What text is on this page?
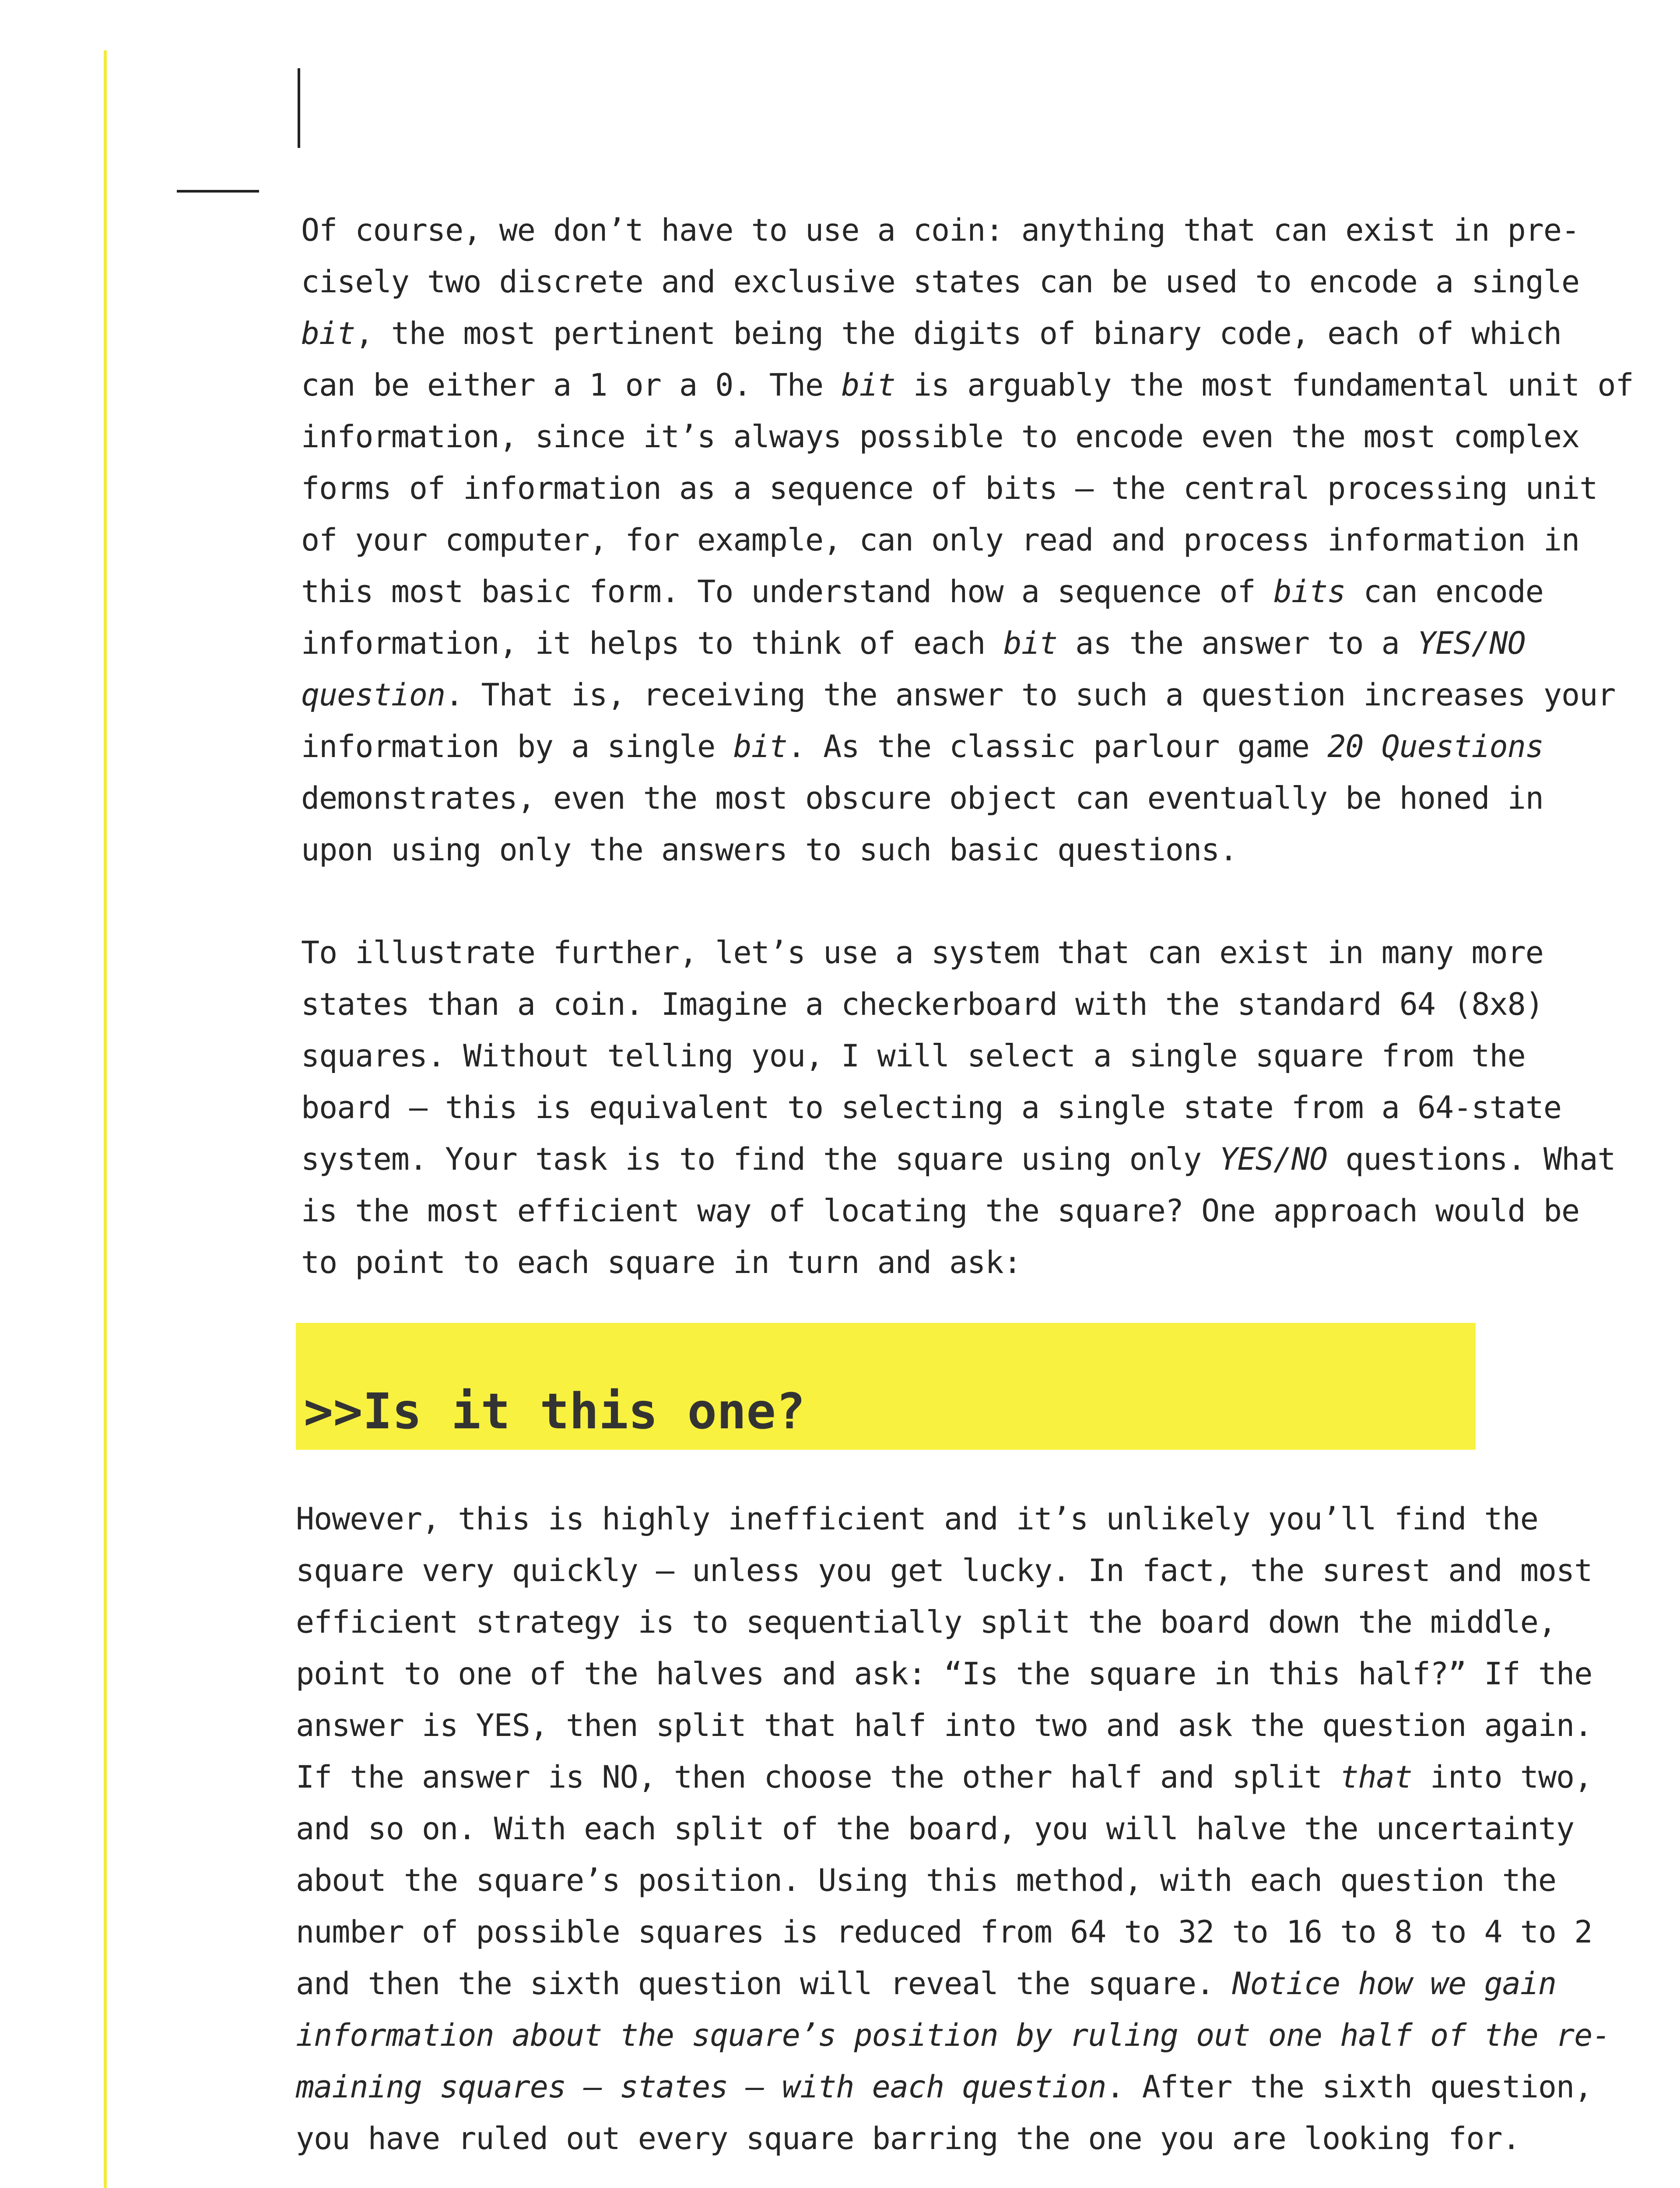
Of course, we don’t have to use a coin: anything that can exist in pre-
cisely two discrete and exclusive states can be used to encode a single
bit, the most pertinent being the digits of binary code, each of which
can be either a 1 or a 0. The bit is arguably the most fundamental unit of
information, since it’s always possible to encode even the most complex
forms of information as a sequence of bits – the central processing unit
of your computer, for example, can only read and process information in
this most basic form. To understand how a sequence of bits can encode
information, it helps to think of each bit as the answer to a YES/NO
question. That is, receiving the answer to such a question increases your
information by a single bit. As the classic parlour game 20 Questions
demonstrates, even the most obscure object can eventually be honed in
upon using only the answers to such basic questions.
To illustrate further, let’s use a system that can exist in many more
states than a coin. Imagine a checkerboard with the standard 64 (8x8)
squares. Without telling you, I will select a single square from the
board – this is equivalent to selecting a single state from a 64-state
system. Your task is to find the square using only YES/NO questions. What
is the most efficient way of locating the square? One approach would be
to point to each square in turn and ask:
>>Is it this one?
However, this is highly inefficient and it’s unlikely you’ll find the
square very quickly – unless you get lucky. In fact, the surest and most
efficient strategy is to sequentially split the board down the middle,
point to one of the halves and ask: “Is the square in this half?” If the
answer is YES, then split that half into two and ask the question again.
If the answer is NO, then choose the other half and split that into two,
and so on. With each split of the board, you will halve the uncertainty
about the square’s position. Using this method, with each question the
number of possible squares is reduced from 64 to 32 to 16 to 8 to 4 to 2
and then the sixth question will reveal the square. Notice how we gain
information about the square’s position by ruling out one half of the re-
maining squares – states – with each question. After the sixth question,
you have ruled out every square barring the one you are looking for.
